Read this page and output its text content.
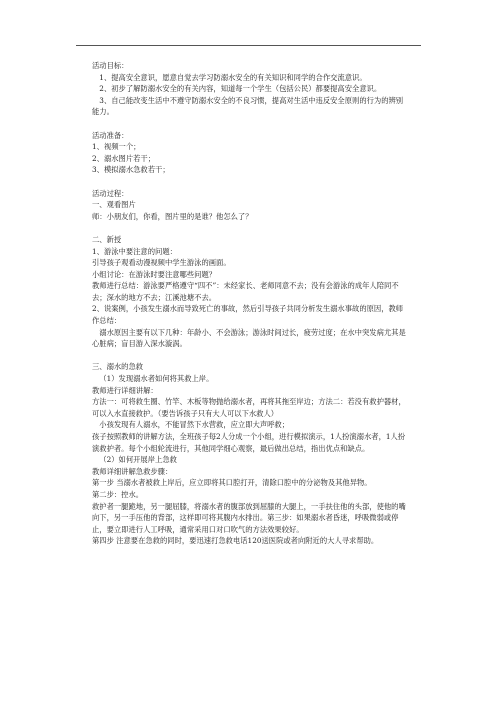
活动目标：

1、提高安全意识，愿意自觉去学习防溺水安全的有关知识和同学的合作交流意识。

2、初步了解防溺水安全的有关内容，知道每一个学生（包括公民）都要提高安全意识。

3、自己能改变生活中不遵守防溺水安全的不良习惯，提高对生活中违反安全原则的行为的辨别能力。

活动准备：

1、视频一个；

2、溺水图片若干；

3、模拟溺水急救若干；

活动过程：

一、观看图片

师：小朋友们，你看，图片里的是谁？他怎么了？

二、新授

1、游泳中要注意的问题：

引导孩子观看动漫视频中学生游泳的画面。

小组讨论：在游泳时要注意哪些问题？

教师进行总结：游泳要严格遵守“四不”：未经家长、老师同意不去；没有会游泳的成年人陪同不去；深水的地方不去；江溪池塘不去。

2、说案例，小孩发生溺水而导致死亡的事故，然后引导孩子共同分析发生溺水事故的原因，教师作总结：

溺水原因主要有以下几种：年龄小、不会游泳；游泳时间过长，疲劳过度；在水中突发病尤其是心脏病；盲目游入深水漩涡。

三、溺水的急救

（1）发现溺水者如何将其救上岸。

教师进行详细讲解：

方法一：可将救生圈、竹竿、木板等物抛给溺水者，再将其拖至岸边；方法二：若没有救护器材，可以入水直接救护。（要告诉孩子只有大人可以下水救人）

小孩发现有人溺水，不能冒然下水营救，应立即大声呼救；

孩子按照教师的讲解方法，全班孩子每2人分成一个小组，进行模拟演示，1人扮演溺水者，1人扮演救护者。每个小组轮流进行，其他同学细心观察，最后做出总结，指出优点和缺点。

（2）如何开展岸上急救

教师详细讲解急救步骤：

第一步 当溺水者被救上岸后，应立即将其口腔打开，清除口腔中的分泌物及其他异物。

第二步：控水。

救护者一腿跪地，另一腿屈膝，将溺水者的腹部放到屈膝的大腿上，一手扶住他的头部，使他的嘴向下，另一手压他的背部，这样即可将其腹内水排出。第三步：如果溺水者昏迷，呼吸微弱或停止，要立即进行人工呼吸，通常采用口对口吹气的方法效果较好。

第四步 注意要在急救的同时，要迅速打急救电话120送医院或者向附近的大人寻求帮助。
